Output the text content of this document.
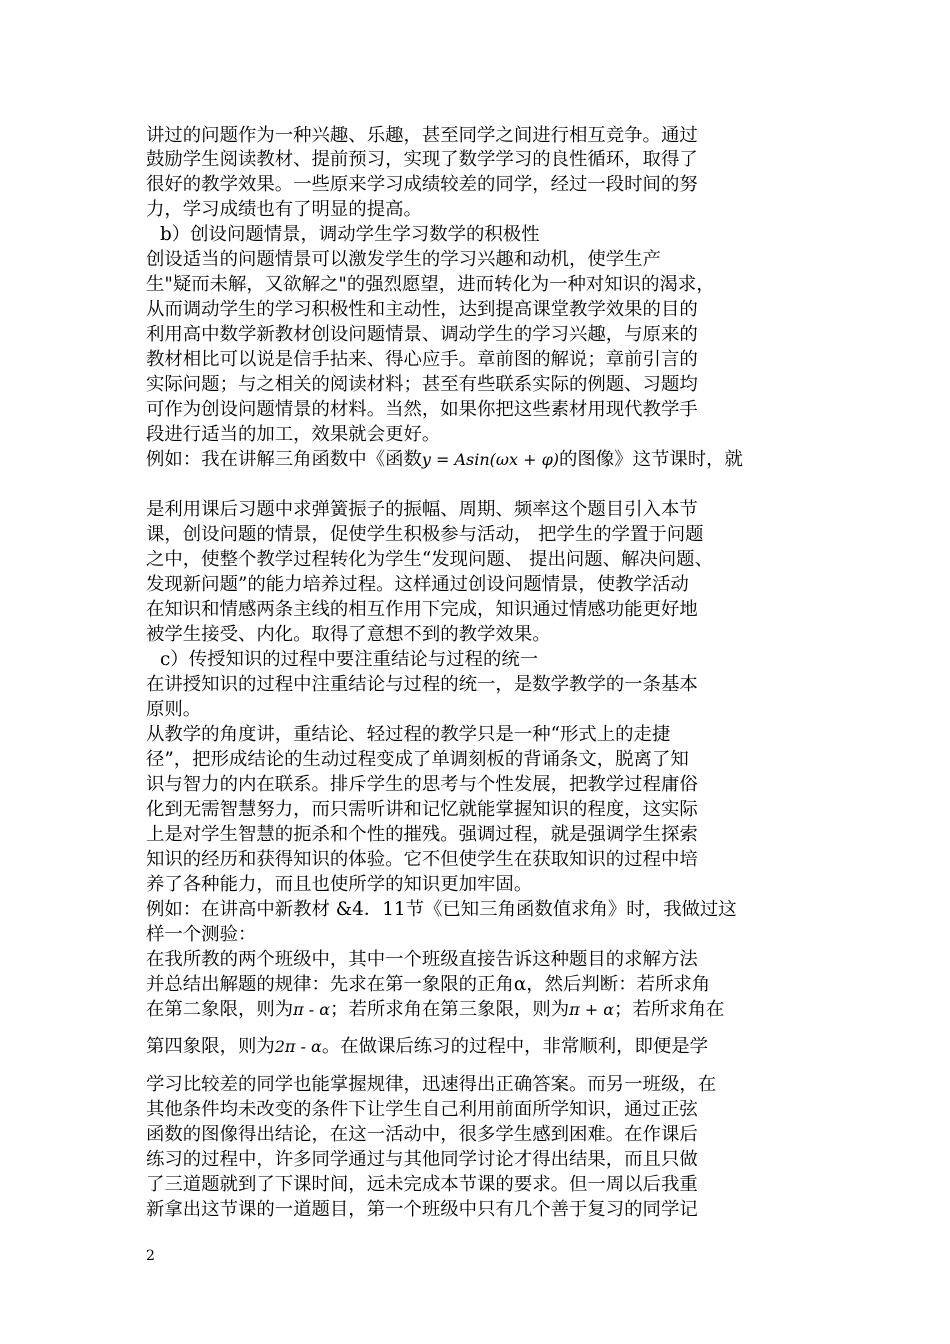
讲过的问题作为一种兴趣、乐趣，甚至同学之间进行相互竞争。通过
鼓励学生阅读教材、提前预习，实现了数学学习的良性循环，取得了
很好的教学效果。一些原来学习成绩较差的同学，经过一段时间的努
力，学习成绩也有了明显的提高。
b）创设问题情景，调动学生学习数学的积极性
创设适当的问题情景可以激发学生的学习兴趣和动机，使学生产
生"疑而未解，又欲解之"的强烈愿望，进而转化为一种对知识的渴求，
从而调动学生的学习积极性和主动性，达到提高课堂教学效果的目的
利用高中数学新教材创设问题情景、调动学生的学习兴趣，与原来的
教材相比可以说是信手拈来、得心应手。章前图的解说；章前引言的
实际问题；与之相关的阅读材料；甚至有些联系实际的例题、习题均
可作为创设问题情景的材料。当然，如果你把这些素材用现代教学手
段进行适当的加工，效果就会更好。
是利用课后习题中求弹簧振子的振幅、周期、频率这个题目引入本节
课，创设问题的情景，促使学生积极参与活动， 把学生的学置于问题
之中，使整个教学过程转化为学生“发现问题、 提出问题、解决问题、
发现新问题”的能力培养过程。这样通过创设问题情景，使教学活动
在知识和情感两条主线的相互作用下完成，知识通过情感功能更好地
被学生接受、内化。取得了意想不到的教学效果。
c）传授知识的过程中要注重结论与过程的统一
在讲授知识的过程中注重结论与过程的统一，是数学教学的一条基本
原则。
从教学的角度讲，重结论、轻过程的教学只是一种“形式上的走捷
径”，把形成结论的生动过程变成了单调刻板的背诵条文，脱离了知
识与智力的内在联系。排斥学生的思考与个性发展，把教学过程庸俗
化到无需智慧努力，而只需听讲和记忆就能掌握知识的程度，这实际
上是对学生智慧的扼杀和个性的摧残。强调过程，就是强调学生探索
知识的经历和获得知识的体验。它不但使学生在获取知识的过程中培
养了各种能力，而且也使所学的知识更加牢固。
例如：在讲高中新教材 &4．11节《已知三角函数值求角》时，我做过这
样一个测验：
在我所教的两个班级中，其中一个班级直接告诉这种题目的求解方法
并总结出解题的规律：先求在第一象限的正角α，然后判断：若所求角
学习比较差的同学也能掌握规律，迅速得出正确答案。而另一班级，在
其他条件均未改变的条件下让学生自己利用前面所学知识，通过正弦
函数的图像得出结论，在这一活动中，很多学生感到困难。在作课后
练习的过程中，许多同学通过与其他同学讨论才得出结果，而且只做
了三道题就到了下课时间，远未完成本节课的要求。但一周以后我重
新拿出这节课的一道题目，第一个班级中只有几个善于复习的同学记
例如：我在讲解三角函数中《函数y = Asin(ωx + φ)的图像》这节课时，就
在第二象限，则为π - α；若所求角在第三象限，则为π + α；若所求角在
第四象限，则为2π - α。在做课后练习的过程中，非常顺利，即便是学
2
